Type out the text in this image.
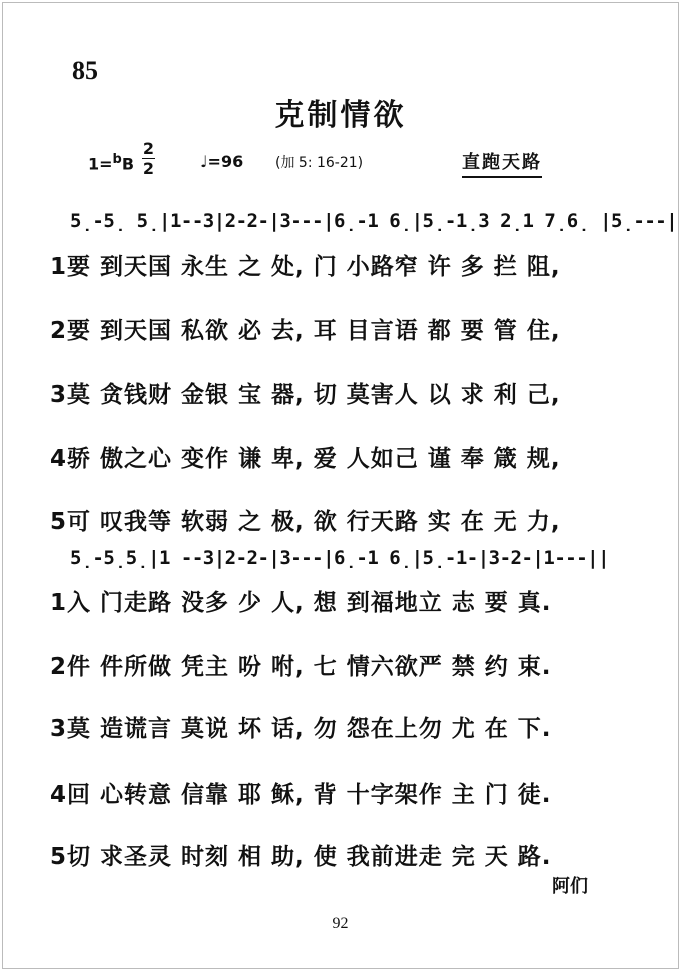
85
克制情欲
1=$^b$B
2
2	♩=96 (加 5: 16-21)	直跑天路
5̣-5̣ 5̣|1--3|2-2-|3---|6̣-1 6̣|5̣-1̣3 2̣1 7̣6̣ |5̣---|
1要 到天国 永生 之 处, 门 小路窄 许 多 拦 阻,
2要 到天国 私欲 必 去, 耳 目言语 都 要 管 住,
3莫 贪钱财 金银 宝 器, 切 莫害人 以 求 利 己,
4骄 傲之心 变作 谦 卑, 爱 人如己 谨 奉 箴 规,
5可 叹我等 软弱 之 极, 欲 行天路 实 在 无 力,
5̣-5̣5̣|1 --3|2-2-|3---|6̣-1 6̣|5̣-1-|3-2-|1---||
1入 门走路 没多 少 人, 想 到福地立 志 要 真.
2件 件所做 凭主 吩 咐, 七 情六欲严 禁 约 束.
3莫 造谎言 莫说 坏 话, 勿 怨在上勿 尤 在 下.
4回 心转意 信靠 耶 稣, 背 十字架作 主 门 徒.
5切 求圣灵 时刻 相 助, 使 我前进走 完 天 路.
阿们
92
